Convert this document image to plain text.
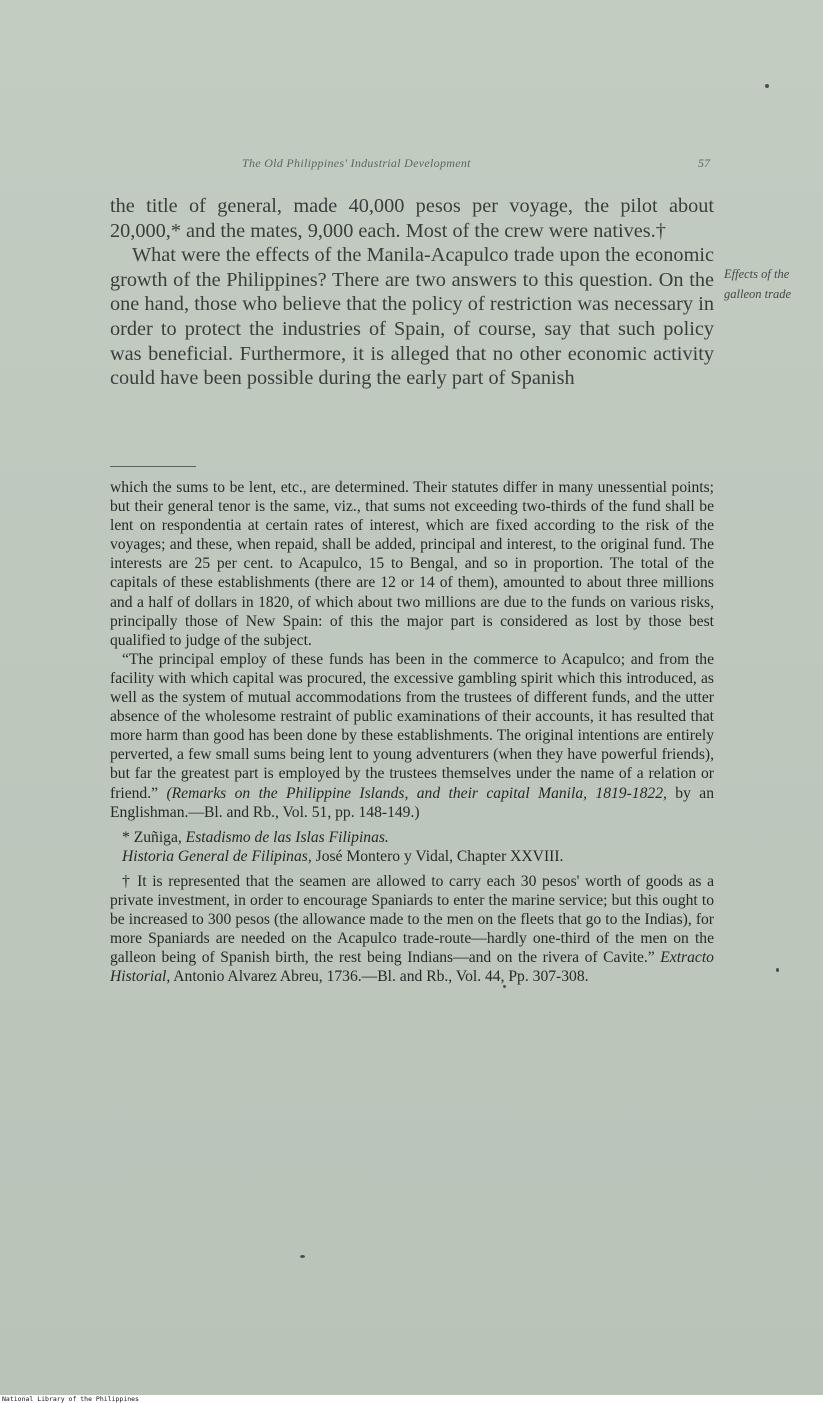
The Old Philippines' Industrial Development	57

the title of general, made 40,000 pesos per voyage, the pilot about 20,000,* and the mates, 9,000 each. Most of the crew were natives.†

What were the effects of the Manila-Acapulco trade upon the economic growth of the Philippines? There are two answers to this question. On the one hand, those who believe that the policy of restriction was necessary in order to protect the industries of Spain, of course, say that such policy was beneficial. Furthermore, it is alleged that no other economic activity could have been possible during the early part of Spanish

Effects of the
galleon trade

which the sums to be lent, etc., are determined. Their statutes differ in many unessential points; but their general tenor is the same, viz., that sums not exceeding two-thirds of the fund shall be lent on respondentia at certain rates of interest, which are fixed according to the risk of the voyages; and these, when repaid, shall be added, principal and interest, to the original fund. The interests are 25 per cent. to Acapulco, 15 to Bengal, and so in proportion. The total of the capitals of these establishments (there are 12 or 14 of them), amounted to about three millions and a half of dollars in 1820, of which about two millions are due to the funds on various risks, principally those of New Spain: of this the major part is considered as lost by those best qualified to judge of the subject.

“The principal employ of these funds has been in the commerce to Acapulco; and from the facility with which capital was procured, the excessive gambling spirit which this introduced, as well as the system of mutual accommodations from the trustees of different funds, and the utter absence of the wholesome restraint of public examinations of their accounts, it has resulted that more harm than good has been done by these establishments. The original intentions are entirely perverted, a few small sums being lent to young adventurers (when they have powerful friends), but far the greatest part is employed by the trustees themselves under the name of a relation or friend.” (Remarks on the Philippine Islands, and their capital Manila, 1819-1822, by an Englishman.—Bl. and Rb., Vol. 51, pp. 148-149.)

* Zuñiga, Estadismo de las Islas Filipinas.

Historia General de Filipinas, José Montero y Vidal, Chapter XXVIII.

† It is represented that the seamen are allowed to carry each 30 pesos' worth of goods as a private investment, in order to encourage Spaniards to enter the marine service; but this ought to be increased to 300 pesos (the allowance made to the men on the fleets that go to the Indias), for more Spaniards are needed on the Acapulco trade-route—hardly one-third of the men on the galleon being of Spanish birth, the rest being Indians—and on the rivera of Cavite.” Extracto Historial, Antonio Alvarez Abreu, 1736.—Bl. and Rb., Vol. 44, Pp. 307-308.

National Library of the Philippines
